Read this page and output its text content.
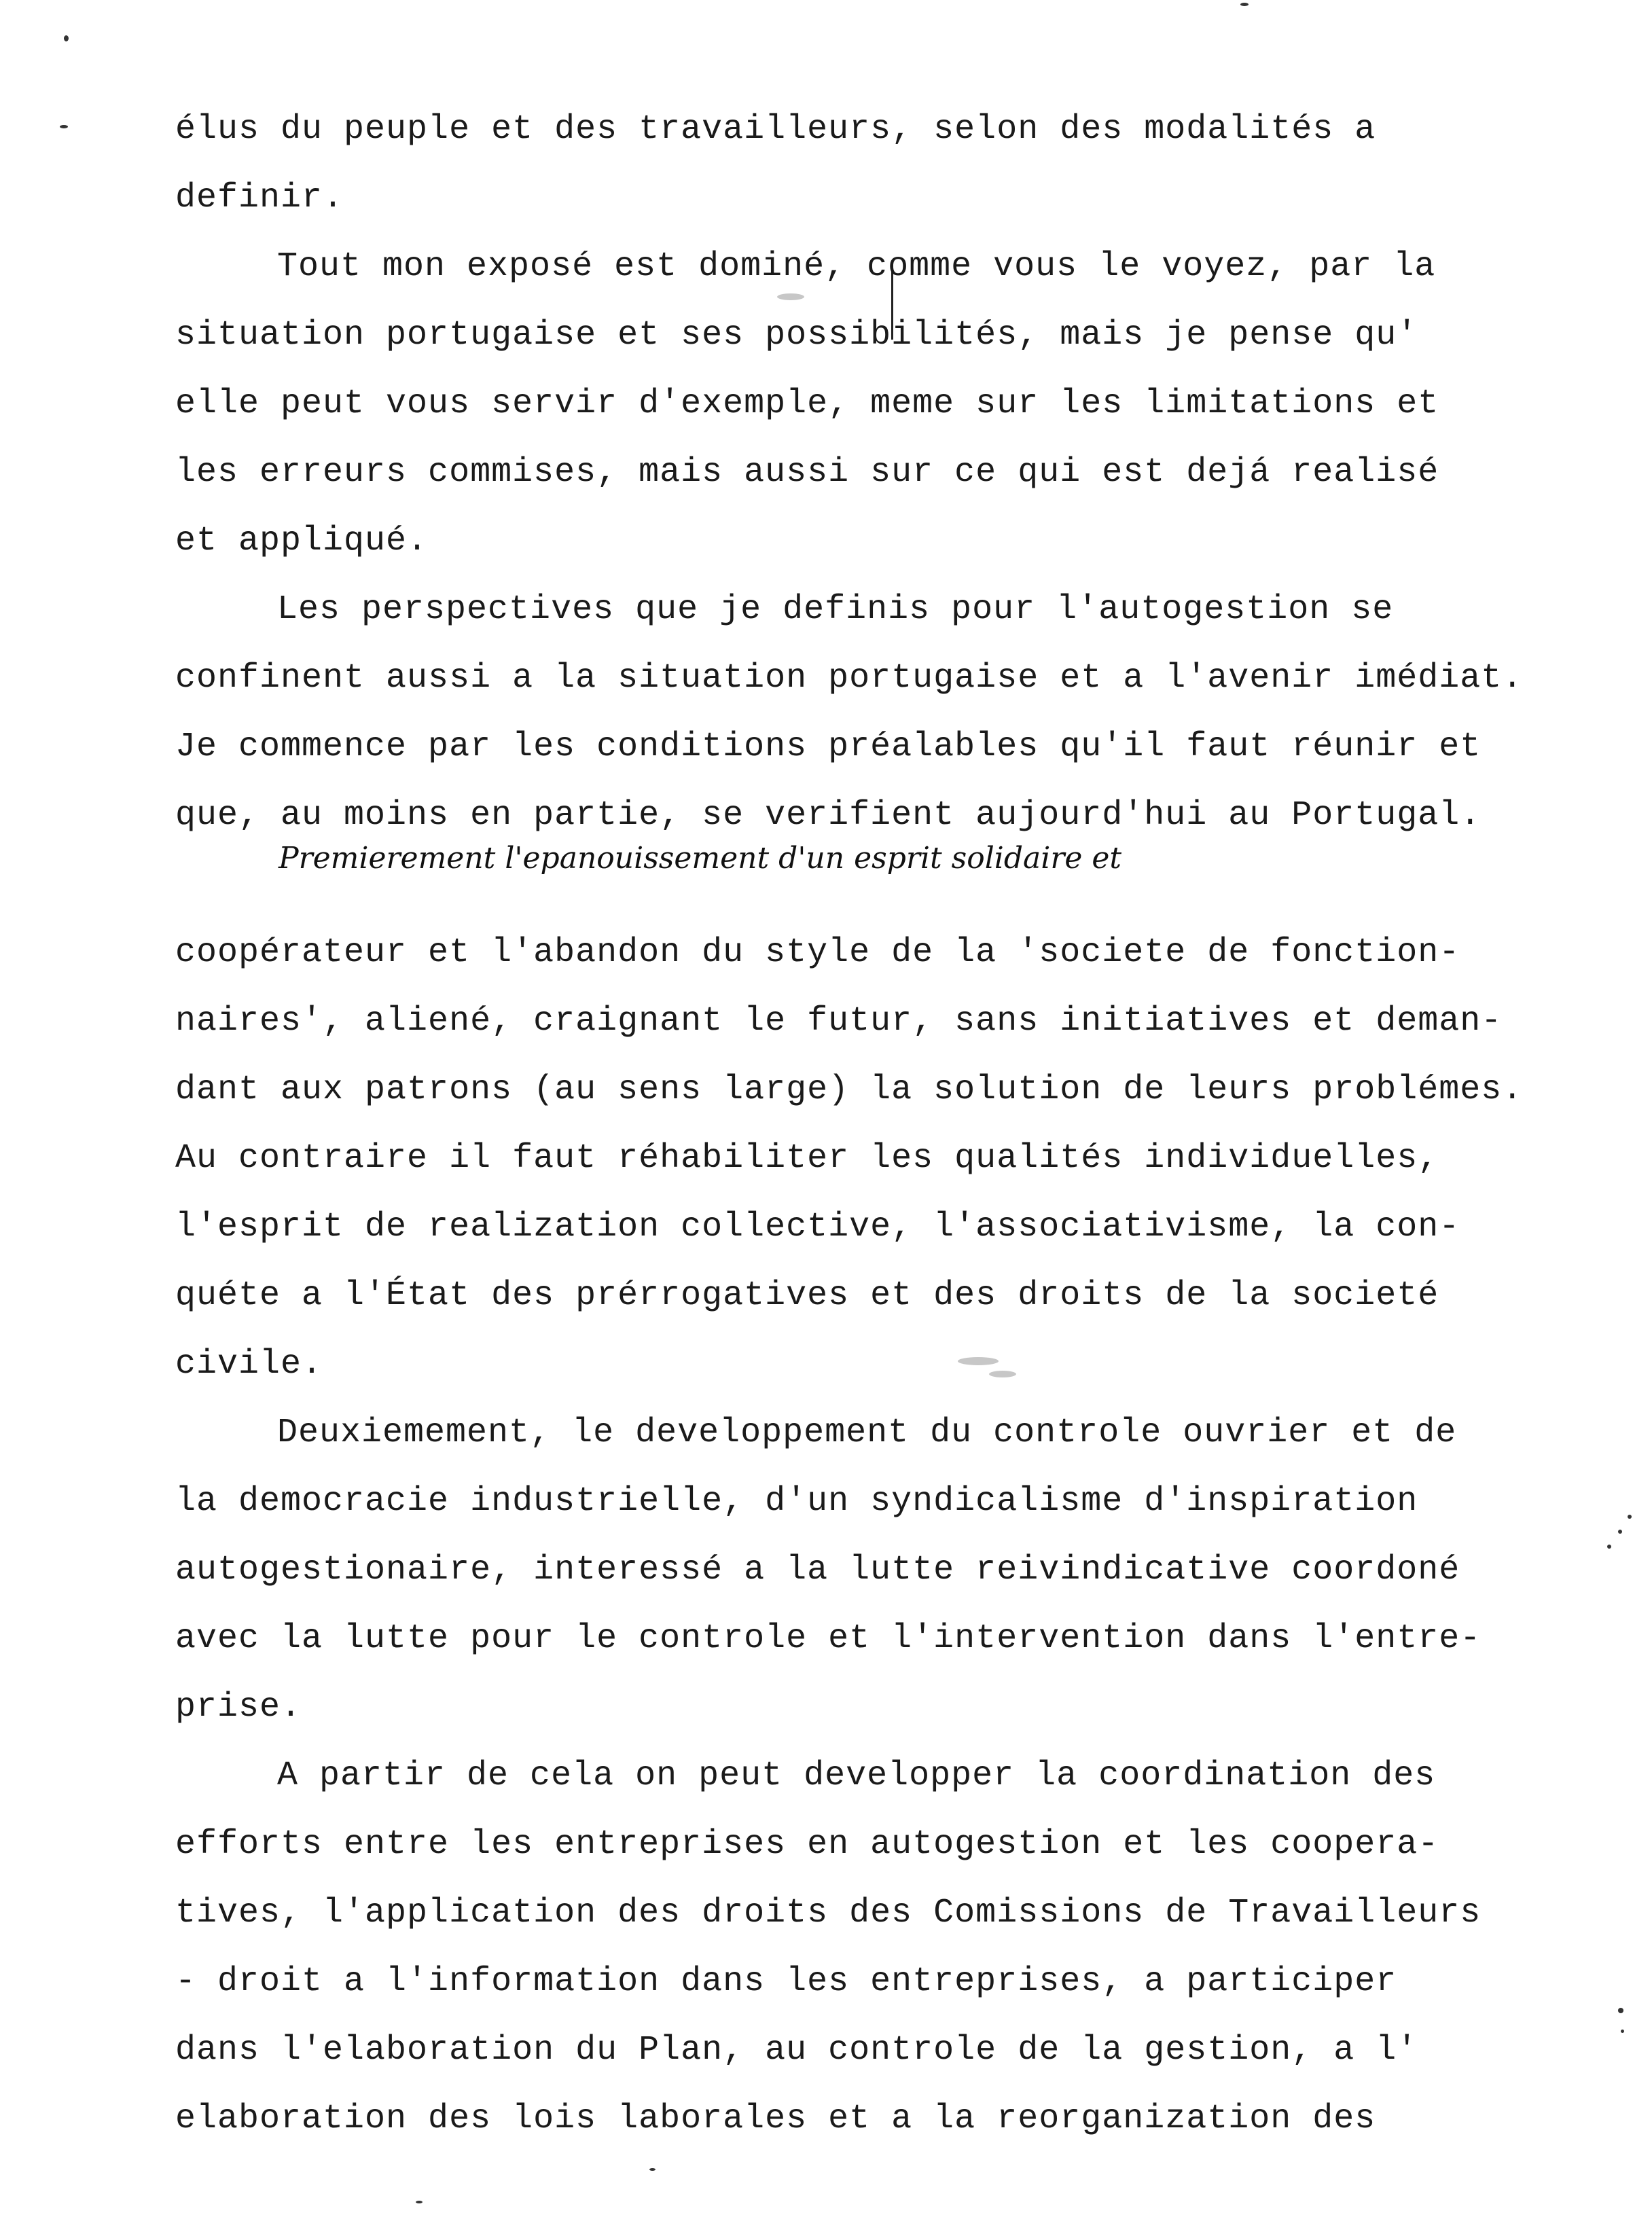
Premierement l'epanouissement d'un esprit solidaire et
élus du peuple et des travailleurs, selon des modalités a
definir.
Tout mon exposé est dominé, comme vous le voyez, par la
situation portugaise et ses possibilités, mais je pense qu'
elle peut vous servir d'exemple, meme sur les limitations et
les erreurs commises, mais aussi sur ce qui est dejá realisé
et appliqué.
Les perspectives que je definis pour l'autogestion se
confinent aussi a la situation portugaise et a l'avenir imédiat.
Je commence par les conditions préalables qu'il faut réunir et
que, au moins en partie, se verifient aujourd'hui au Portugal.
coopérateur et l'abandon du style de la 'societe de fonction-
naires', aliené, craignant le futur, sans initiatives et deman-
dant aux patrons (au sens large) la solution de leurs problémes.
Au contraire il faut réhabiliter les qualités individuelles,
l'esprit de realization collective, l'associativisme, la con-
quéte a l'État des prérrogatives et des droits de la societé
civile.
Deuxiemement, le developpement du controle ouvrier et de
la democracie industrielle, d'un syndicalisme d'inspiration
autogestionaire, interessé a la lutte reivindicative coordoné
avec la lutte pour le controle et l'intervention dans l'entre-
prise.
A partir de cela on peut developper la coordination des
efforts entre les entreprises en autogestion et les coopera-
tives, l'application des droits des Comissions de Travailleurs
- droit a l'information dans les entreprises, a participer
dans l'elaboration du Plan, au controle de la gestion, a l'
elaboration des lois laborales et a la reorganization des
